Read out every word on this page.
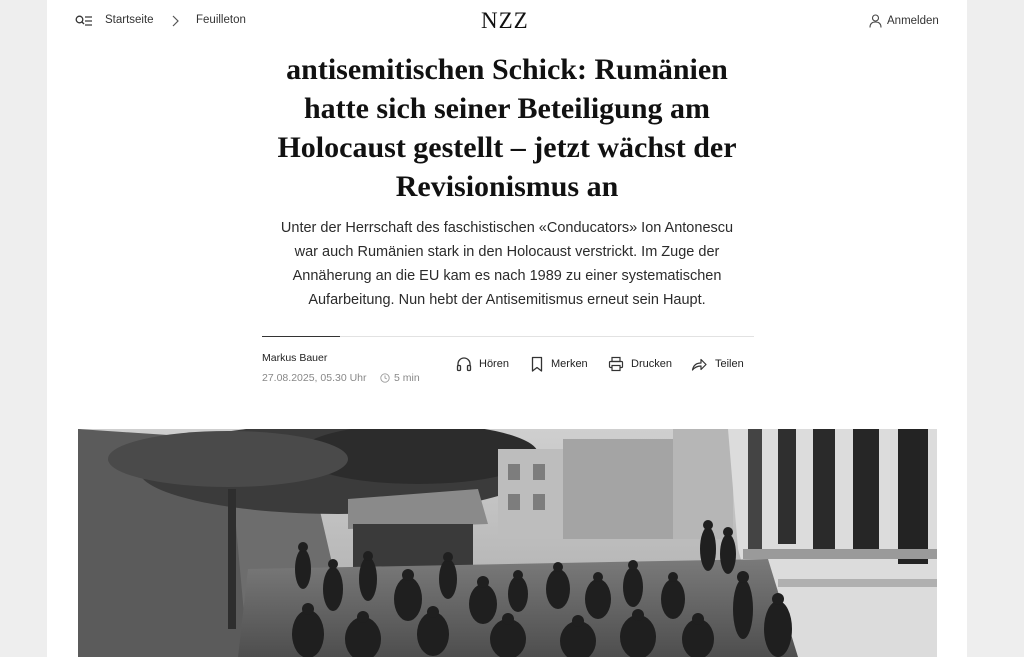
Startseite	Feuilleton	NZZ	Anmelden
antisemitischen Schick: Rumänien
hatte sich seiner Beteiligung am
Holocaust gestellt – jetzt wächst der
Revisionismus an

Unter der Herrschaft des faschistischen «Conducators» Ion Antonescu
war auch Rumänien stark in den Holocaust verstrickt. Im Zuge der
Annäherung an die EU kam es nach 1989 zu einer systematischen
Aufarbeitung. Nun hebt der Antisemitismus erneut sein Haupt.

Markus Bauer
27.08.2025, 05.30 Uhr	5 min
Hören	Merken	Drucken	Teilen
